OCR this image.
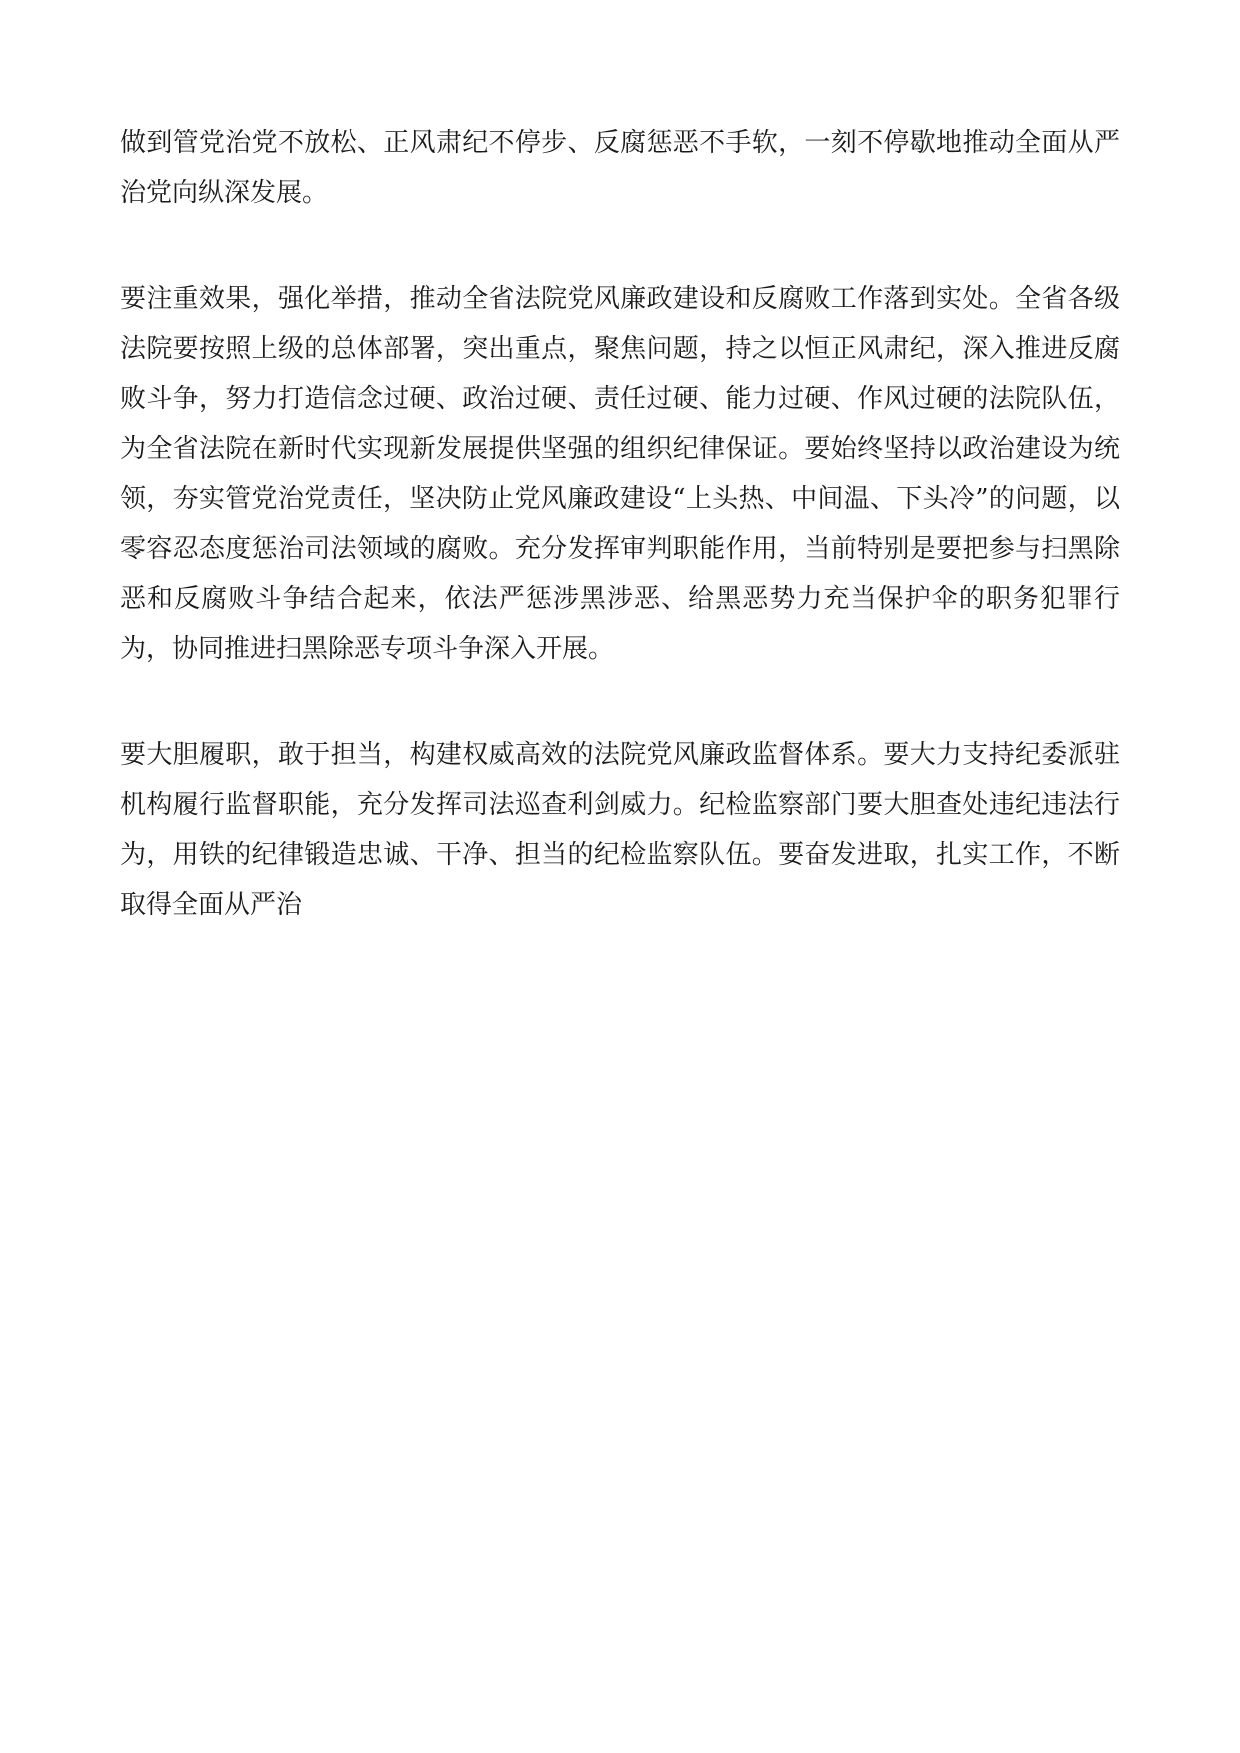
做到管党治党不放松、正风肃纪不停步、反腐惩恶不手软，一刻不停歇地推动全面从严治党向纵深发展。

要注重效果，强化举措，推动全省法院党风廉政建设和反腐败工作落到实处。全省各级法院要按照上级的总体部署，突出重点，聚焦问题，持之以恒正风肃纪，深入推进反腐败斗争，努力打造信念过硬、政治过硬、责任过硬、能力过硬、作风过硬的法院队伍，为全省法院在新时代实现新发展提供坚强的组织纪律保证。要始终坚持以政治建设为统领，夯实管党治党责任，坚决防止党风廉政建设“上头热、中间温、下头冷”的问题，以零容忍态度惩治司法领域的腐败。充分发挥审判职能作用，当前特别是要把参与扫黑除恶和反腐败斗争结合起来，依法严惩涉黑涉恶、给黑恶势力充当保护伞的职务犯罪行为，协同推进扫黑除恶专项斗争深入开展。

要大胆履职，敢于担当，构建权威高效的法院党风廉政监督体系。要大力支持纪委派驻机构履行监督职能，充分发挥司法巡查利剑威力。纪检监察部门要大胆查处违纪违法行为，用铁的纪律锻造忠诚、干净、担当的纪检监察队伍。要奋发进取，扎实工作，不断取得全面从严治
